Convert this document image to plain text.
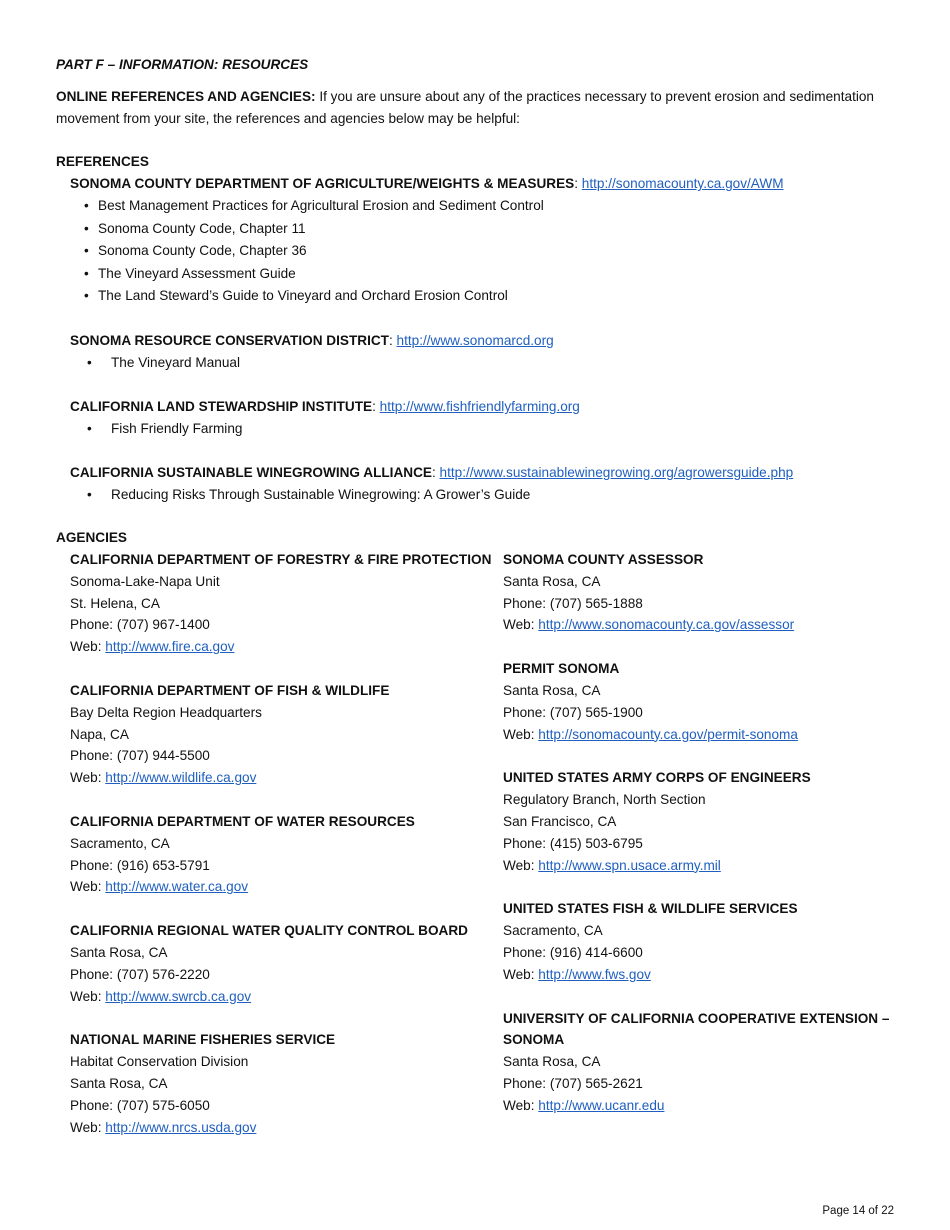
PART F – INFORMATION: RESOURCES

ONLINE REFERENCES AND AGENCIES: If you are unsure about any of the practices necessary to prevent erosion and sedimentation movement from your site, the references and agencies below may be helpful:

REFERENCES
SONOMA COUNTY DEPARTMENT OF AGRICULTURE/WEIGHTS & MEASURES: http://sonomacounty.ca.gov/AWM
• Best Management Practices for Agricultural Erosion and Sediment Control
• Sonoma County Code, Chapter 11
• Sonoma County Code, Chapter 36
• The Vineyard Assessment Guide
• The Land Steward’s Guide to Vineyard and Orchard Erosion Control
SONOMA RESOURCE CONSERVATION DISTRICT: http://www.sonomarcd.org
• The Vineyard Manual
CALIFORNIA LAND STEWARDSHIP INSTITUTE: http://www.fishfriendlyfarming.org
• Fish Friendly Farming
CALIFORNIA SUSTAINABLE WINEGROWING ALLIANCE: http://www.sustainablewinegrowing.org/agrowersguide.php
• Reducing Risks Through Sustainable Winegrowing: A Grower’s Guide
AGENCIES
CALIFORNIA DEPARTMENT OF FORESTRY & FIRE PROTECTION
Sonoma-Lake-Napa Unit
St. Helena, CA
Phone: (707) 967-1400
Web: http://www.fire.ca.gov
CALIFORNIA DEPARTMENT OF FISH & WILDLIFE
Bay Delta Region Headquarters
Napa, CA
Phone: (707) 944-5500
Web: http://www.wildlife.ca.gov
CALIFORNIA DEPARTMENT OF WATER RESOURCES
Sacramento, CA
Phone: (916) 653-5791
Web: http://www.water.ca.gov
CALIFORNIA REGIONAL WATER QUALITY CONTROL BOARD
Santa Rosa, CA
Phone: (707) 576-2220
Web: http://www.swrcb.ca.gov
NATIONAL MARINE FISHERIES SERVICE
Habitat Conservation Division
Santa Rosa, CA
Phone: (707) 575-6050
Web: http://www.nrcs.usda.gov
SONOMA COUNTY ASSESSOR
Santa Rosa, CA
Phone: (707) 565-1888
Web: http://www.sonomacounty.ca.gov/assessor
PERMIT SONOMA
Santa Rosa, CA
Phone: (707) 565-1900
Web: http://sonomacounty.ca.gov/permit-sonoma
UNITED STATES ARMY CORPS OF ENGINEERS
Regulatory Branch, North Section
San Francisco, CA
Phone: (415) 503-6795
Web: http://www.spn.usace.army.mil
UNITED STATES FISH & WILDLIFE SERVICES
Sacramento, CA
Phone: (916) 414-6600
Web: http://www.fws.gov
UNIVERSITY OF CALIFORNIA COOPERATIVE EXTENSION – SONOMA
Santa Rosa, CA
Phone: (707) 565-2621
Web: http://www.ucanr.edu
Page 14 of 22
